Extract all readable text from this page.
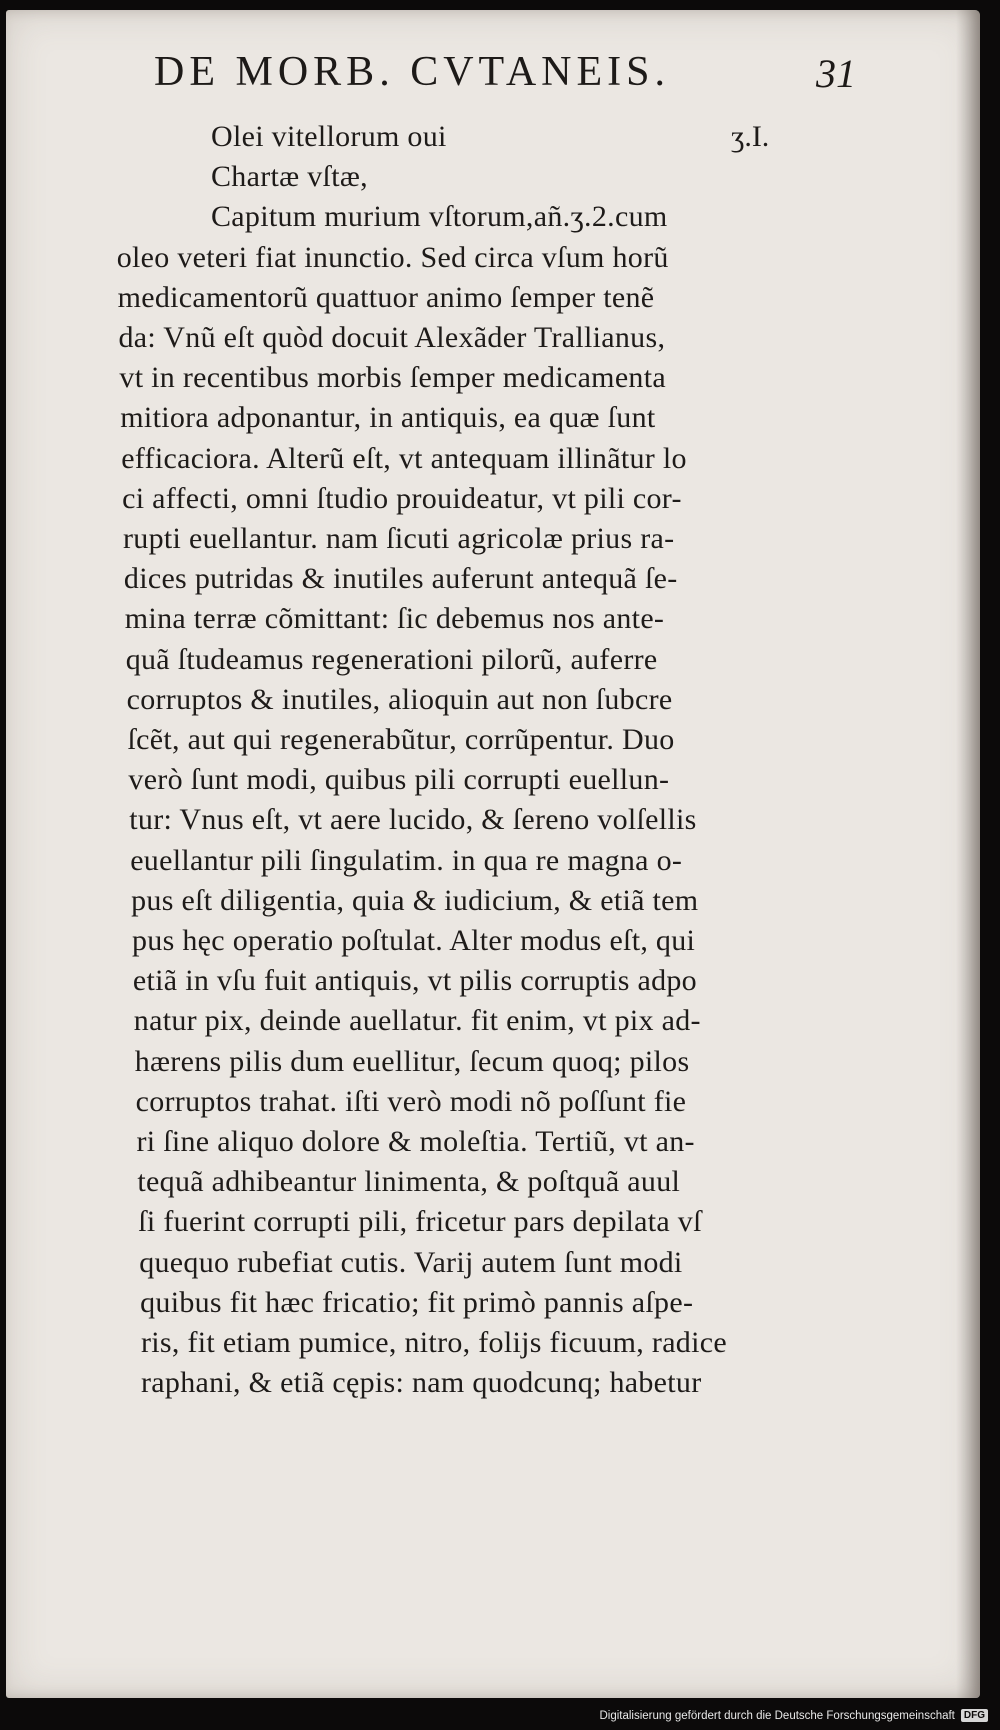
DE MORB. CVTANEIS.	31
ʒ.I.
Olei vitellorum oui
Chartæ vſtæ,
Capitum murium vſtorum,añ.ʒ.2.cum
oleo veteri fiat inunctio. Sed circa vſum horũ
medicamentorũ quattuor animo ſemper tenẽ
da: Vnũ eſt quòd docuit Alexãder Trallianus,
vt in recentibus morbis ſemper medicamenta
mitiora adponantur, in antiquis, ea quæ ſunt
efficaciora. Alterũ eſt, vt antequam illinãtur lo
ci affecti, omni ſtudio prouideatur, vt pili cor-
rupti euellantur. nam ſicuti agricolæ prius ra-
dices putridas & inutiles auferunt antequã ſe-
mina terræ cõmittant: ſic debemus nos ante-
quã ſtudeamus regenerationi pilorũ, auferre
corruptos & inutiles, alioquin aut non ſubcre
ſcẽt, aut qui regenerabũtur, corrũpentur. Duo
verò ſunt modi, quibus pili corrupti euellun-
tur: Vnus eſt, vt aere lucido, & ſereno volſellis
euellantur pili ſingulatim. in qua re magna o-
pus eſt diligentia, quia & iudicium, & etiã tem
pus hęc operatio poſtulat. Alter modus eſt, qui
etiã in vſu fuit antiquis, vt pilis corruptis adpo
natur pix, deinde auellatur. fit enim, vt pix ad-
hærens pilis dum euellitur, ſecum quoq; pilos
corruptos trahat. iſti verò modi nõ poſſunt fie
ri ſine aliquo dolore & moleſtia. Tertiũ, vt an-
tequã adhibeantur linimenta, & poſtquã auul
ſi fuerint corrupti pili, fricetur pars depilata vſ
quequo rubefiat cutis. Varij autem ſunt modi
quibus fit hæc fricatio; fit primò pannis aſpe-
ris, fit etiam pumice, nitro, folijs ficuum, radice
raphani, & etiã cępis: nam quodcunq; habetur
Digitalisierung gefördert durch die Deutsche Forschungsgemeinschaft DFG
